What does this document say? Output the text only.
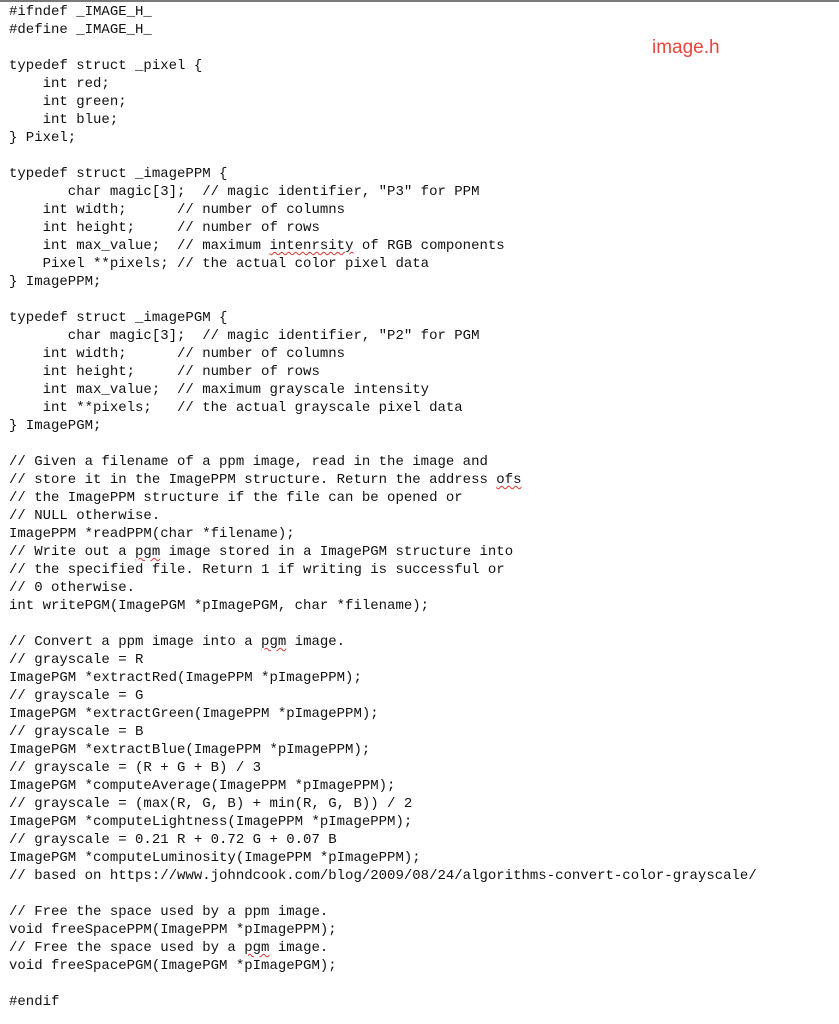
image.h
#ifndef _IMAGE_H_
#define _IMAGE_H_
typedef struct _pixel {
int red;
int green;
int blue;
} Pixel;
typedef struct _imagePPM {
char magic[3];  // magic identifier, "P3" for PPM
int width;      // number of columns
int height;     // number of rows
int max_value;  // maximum intenrsity of RGB components
Pixel **pixels; // the actual color pixel data
} ImagePPM;
typedef struct _imagePGM {
char magic[3];  // magic identifier, "P2" for PGM
int width;      // number of columns
int height;     // number of rows
int max_value;  // maximum grayscale intensity
int **pixels;   // the actual grayscale pixel data
} ImagePGM;
// Given a filename of a ppm image, read in the image and
// store it in the ImagePPM structure. Return the address ofs
// the ImagePPM structure if the file can be opened or
// NULL otherwise.
ImagePPM *readPPM(char *filename);
// Write out a pgm image stored in a ImagePGM structure into
// the specified file. Return 1 if writing is successful or
// 0 otherwise.
int writePGM(ImagePGM *pImagePGM, char *filename);
// Convert a ppm image into a pgm image.
// grayscale = R
ImagePGM *extractRed(ImagePPM *pImagePPM);
// grayscale = G
ImagePGM *extractGreen(ImagePPM *pImagePPM);
// grayscale = B
ImagePGM *extractBlue(ImagePPM *pImagePPM);
// grayscale = (R + G + B) / 3
ImagePGM *computeAverage(ImagePPM *pImagePPM);
// grayscale = (max(R, G, B) + min(R, G, B)) / 2
ImagePGM *computeLightness(ImagePPM *pImagePPM);
// grayscale = 0.21 R + 0.72 G + 0.07 B
ImagePGM *computeLuminosity(ImagePPM *pImagePPM);
// based on https://www.johndcook.com/blog/2009/08/24/algorithms-convert-color-grayscale/
// Free the space used by a ppm image.
void freeSpacePPM(ImagePPM *pImagePPM);
// Free the space used by a pgm image.
void freeSpacePGM(ImagePGM *pImagePGM);
#endif
